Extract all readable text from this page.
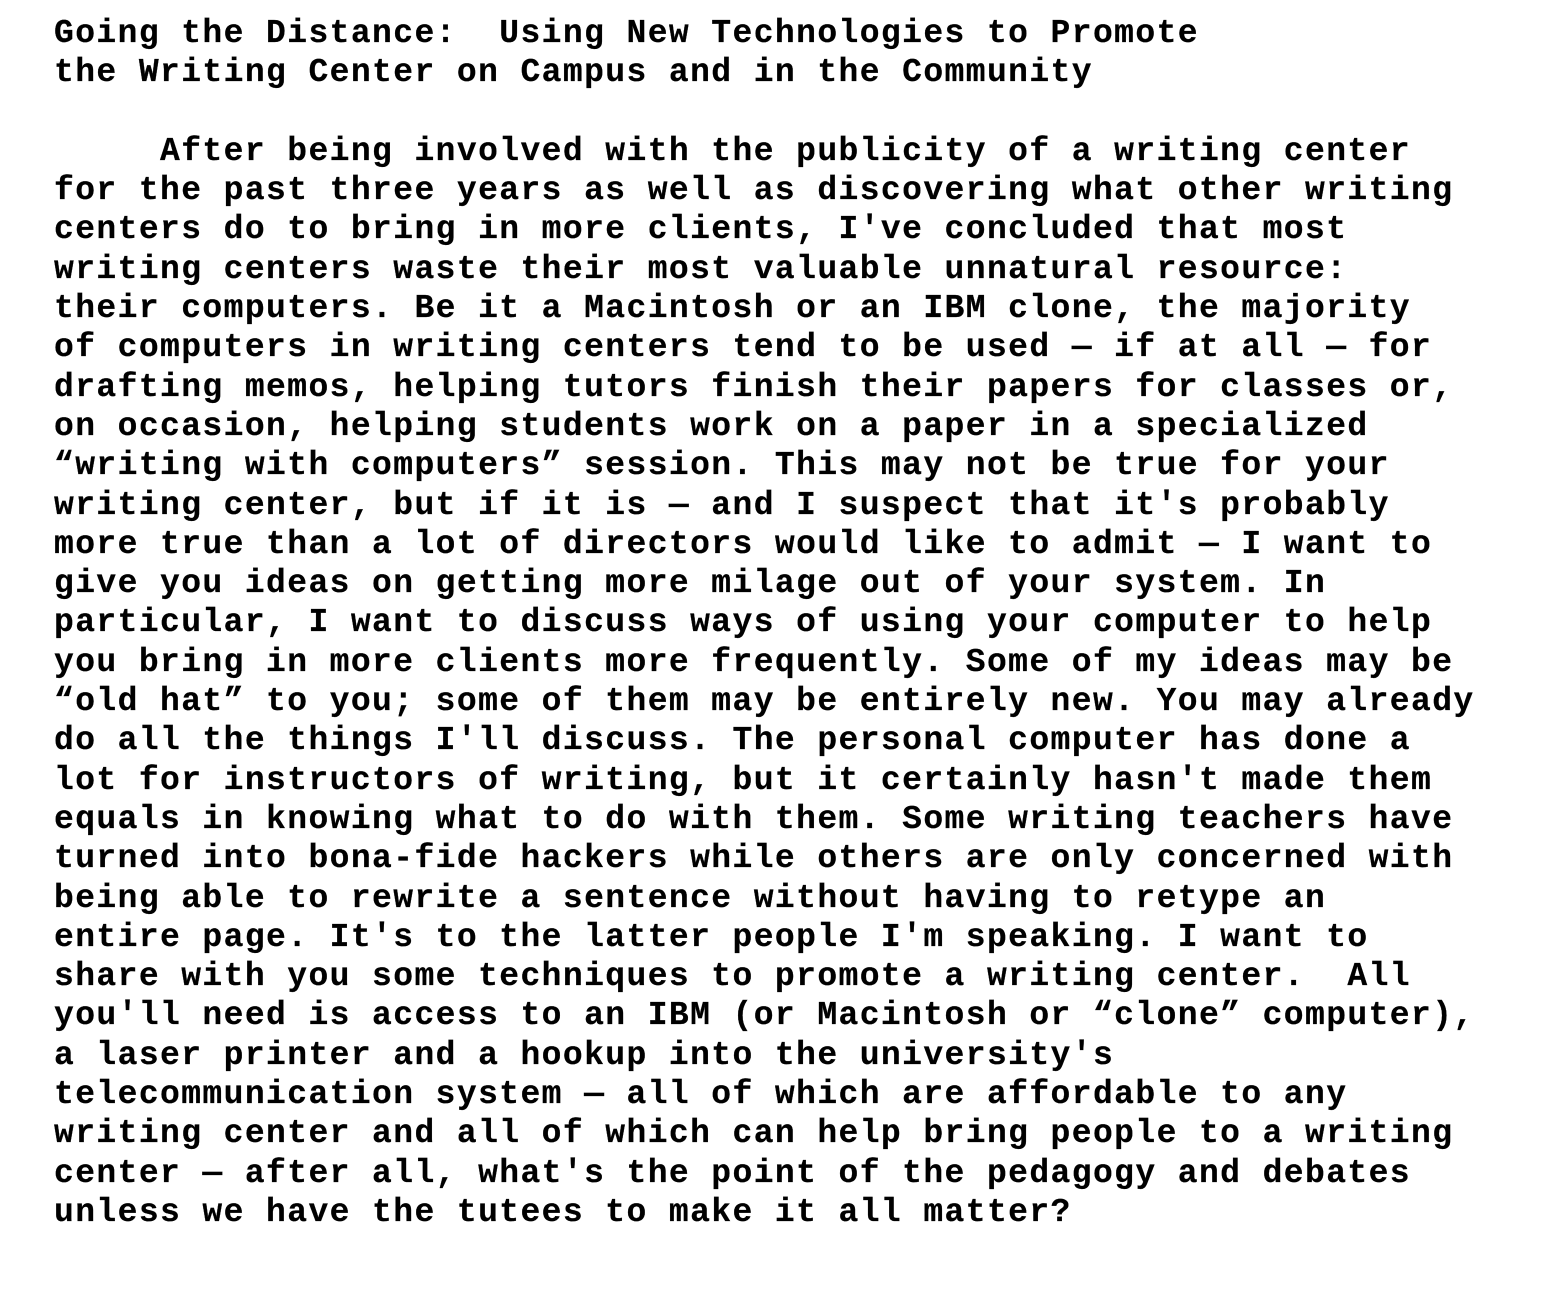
Going the Distance:  Using New Technologies to Promote

the Writing Center on Campus and in the Community

After being involved with the publicity of a writing center

for the past three years as well as discovering what other writing

centers do to bring in more clients, I've concluded that most

writing centers waste their most valuable unnatural resource:

their computers. Be it a Macintosh or an IBM clone, the majority

of computers in writing centers tend to be used — if at all — for

drafting memos, helping tutors finish their papers for classes or,

on occasion, helping students work on a paper in a specialized

“writing with computers” session. This may not be true for your

writing center, but if it is — and I suspect that it's probably

more true than a lot of directors would like to admit — I want to

give you ideas on getting more milage out of your system. In

particular, I want to discuss ways of using your computer to help

you bring in more clients more frequently. Some of my ideas may be

“old hat” to you; some of them may be entirely new. You may already

do all the things I'll discuss. The personal computer has done a

lot for instructors of writing, but it certainly hasn't made them

equals in knowing what to do with them. Some writing teachers have

turned into bona-fide hackers while others are only concerned with

being able to rewrite a sentence without having to retype an

entire page. It's to the latter people I'm speaking. I want to

share with you some techniques to promote a writing center.  All

you'll need is access to an IBM (or Macintosh or “clone” computer),

a laser printer and a hookup into the university's

telecommunication system — all of which are affordable to any

writing center and all of which can help bring people to a writing

center — after all, what's the point of the pedagogy and debates

unless we have the tutees to make it all matter?
